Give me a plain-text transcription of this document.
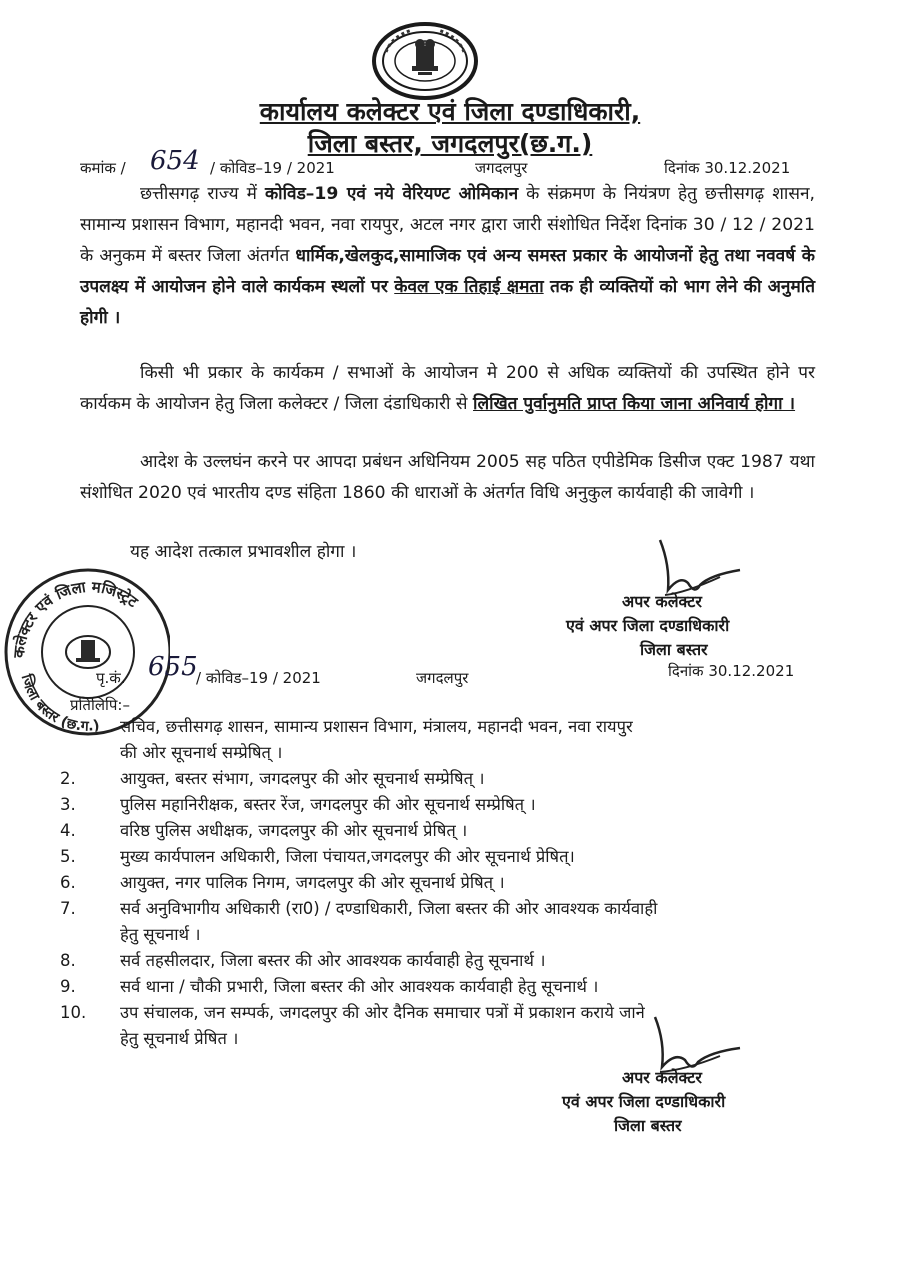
कार्यालय कलेक्टर एवं जिला दण्डाधिकारी,
जिला बस्तर, जगदलपुर(छ.ग.)
कमांक / 654 / कोविड–19 / 2021	जगदलपुर	दिनांक 30.12.2021
छत्तीसगढ़ राज्य में कोविड–19 एवं नये वेरियण्ट ओमिकान के संक्रमण के नियंत्रण हेतु छत्तीसगढ़ शासन, सामान्य प्रशासन विभाग, महानदी भवन, नवा रायपुर, अटल नगर द्वारा जारी संशोधित निर्देश दिनांक 30 / 12 / 2021 के अनुकम में बस्तर जिला अंतर्गत धार्मिक,खेलकुद,सामाजिक एवं अन्य समस्त प्रकार के आयोजनों हेतु तथा नववर्ष के उपलक्ष्य में आयोजन होने वाले कार्यकम स्थलों पर केवल एक तिहाई क्षमता तक ही व्यक्तियों को भाग लेने की अनुमति होगी ।
किसी भी प्रकार के कार्यकम / सभाओं के आयोजन मे 200 से अधिक व्यक्तियों की उपस्थित होने पर कार्यकम के आयोजन हेतु जिला कलेक्टर / जिला दंडाधिकारी से लिखित पुर्वानुमति प्राप्त किया जाना अनिवार्य होगा ।
आदेश के उल्लघंन करने पर आपदा प्रबंधन अधिनियम 2005 सह पठित एपीडेमिक डिसीज एक्ट 1987 यथा संशोधित 2020 एवं भारतीय दण्ड संहिता 1860 की धाराओं के अंतर्गत विधि अनुकुल कार्यवाही की जावेगी ।
यह आदेश तत्काल प्रभावशील होगा ।
अपर कलेक्टर
एवं अपर जिला दण्डाधिकारी
जिला बस्तर
कलेक्टर एवं जिला मजिस्ट्रेट
जिला बस्तर (छ.ग.)
पृ.कं. 655
/ कोविड–19 / 2021	जगदलपुर	दिनांक 30.12.2021
प्रतिलिपि:–
सचिव, छत्तीसगढ़ शासन, सामान्य प्रशासन विभाग, मंत्रालय, महानदी भवन, नवा रायपुर
की ओर सूचनार्थ सम्प्रेषित् ।
2.	आयुक्त, बस्तर संभाग, जगदलपुर की ओर सूचनार्थ सम्प्रेषित् ।
3.	पुलिस महानिरीक्षक, बस्तर रेंज, जगदलपुर की ओर सूचनार्थ सम्प्रेषित् ।
4.	वरिष्ठ पुलिस अधीक्षक, जगदलपुर की ओर सूचनार्थ प्रेषित् ।
5.	मुख्य कार्यपालन अधिकारी, जिला पंचायत,जगदलपुर की ओर सूचनार्थ प्रेषित्।
6.	आयुक्त, नगर पालिक निगम, जगदलपुर की ओर सूचनार्थ प्रेषित् ।
7.	सर्व अनुविभागीय अधिकारी (रा0) / दण्डाधिकारी, जिला बस्तर की ओर आवश्यक कार्यवाही
हेतु सूचनार्थ ।
8.	सर्व तहसीलदार, जिला बस्तर की ओर आवश्यक कार्यवाही हेतु सूचनार्थ ।
9.	सर्व थाना / चौकी प्रभारी, जिला बस्तर की ओर आवश्यक कार्यवाही हेतु सूचनार्थ ।
10.	उप संचालक, जन सम्पर्क, जगदलपुर की ओर दैनिक समाचार पत्रों में प्रकाशन कराये जाने
हेतु सूचनार्थ प्रेषित ।
अपर कलेक्टर
एवं अपर जिला दण्डाधिकारी
जिला बस्तर
